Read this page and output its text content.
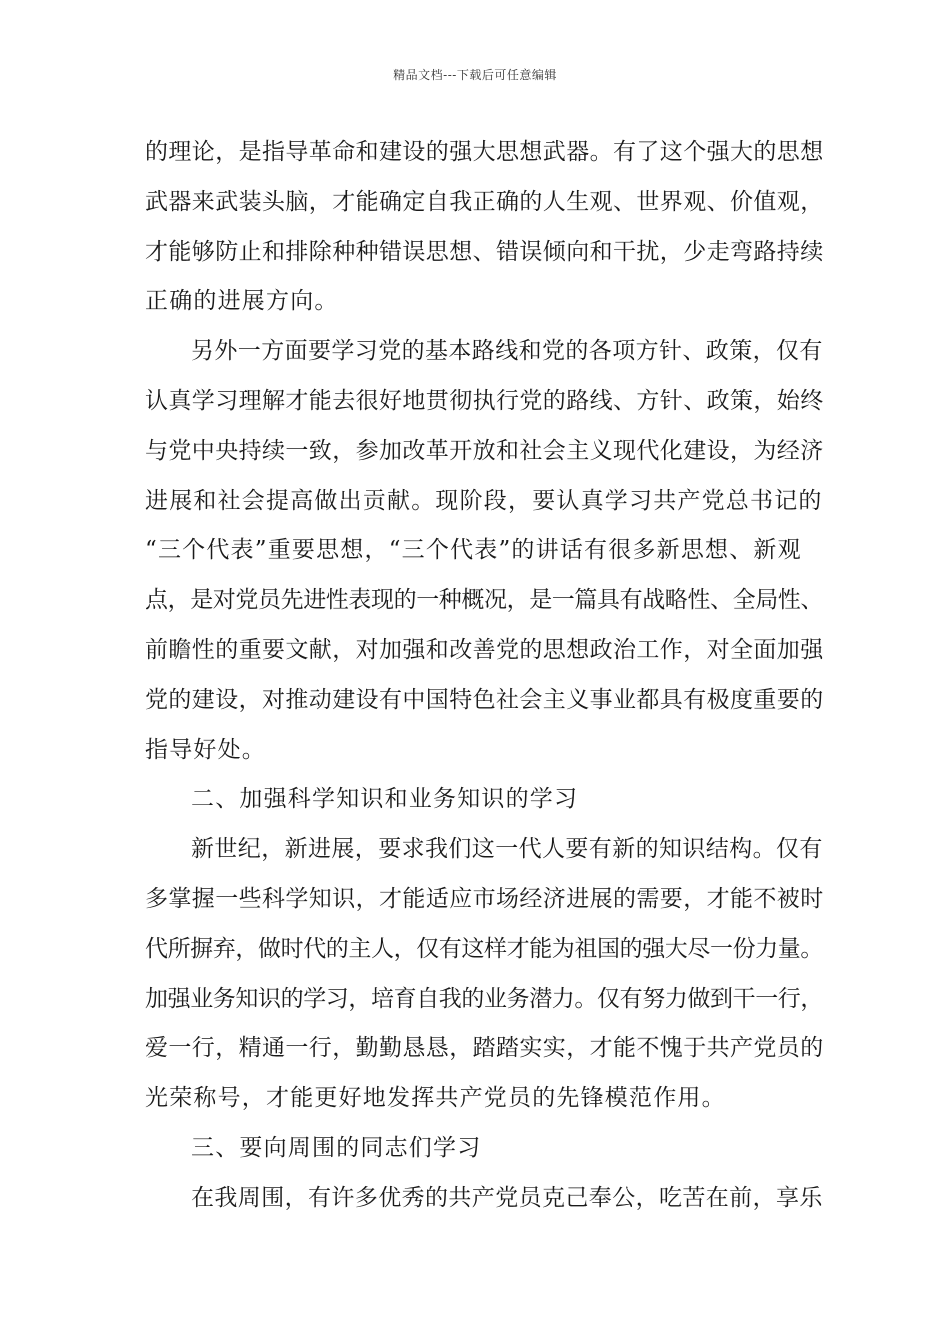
精品文档---下载后可任意编辑
的理论，是指导革命和建设的强大思想武器。有了这个强大的思想
武器来武装头脑，才能确定自我正确的人生观、世界观、价值观，
才能够防止和排除种种错误思想、错误倾向和干扰，少走弯路持续
正确的进展方向。
另外一方面要学习党的基本路线和党的各项方针、政策，仅有
认真学习理解才能去很好地贯彻执行党的路线、方针、政策，始终
与党中央持续一致，参加改革开放和社会主义现代化建设，为经济
进展和社会提高做出贡献。现阶段，要认真学习共产党总书记的
“三个代表”重要思想，“三个代表”的讲话有很多新思想、新观
点，是对党员先进性表现的一种概况，是一篇具有战略性、全局性、
前瞻性的重要文献，对加强和改善党的思想政治工作，对全面加强
党的建设，对推动建设有中国特色社会主义事业都具有极度重要的
指导好处。
二、加强科学知识和业务知识的学习
新世纪，新进展，要求我们这一代人要有新的知识结构。仅有
多掌握一些科学知识，才能适应市场经济进展的需要，才能不被时
代所摒弃，做时代的主人，仅有这样才能为祖国的强大尽一份力量。
加强业务知识的学习，培育自我的业务潜力。仅有努力做到干一行，
爱一行，精通一行，勤勤恳恳，踏踏实实，才能不愧于共产党员的
光荣称号，才能更好地发挥共产党员的先锋模范作用。
三、要向周围的同志们学习
在我周围，有许多优秀的共产党员克己奉公，吃苦在前，享乐
